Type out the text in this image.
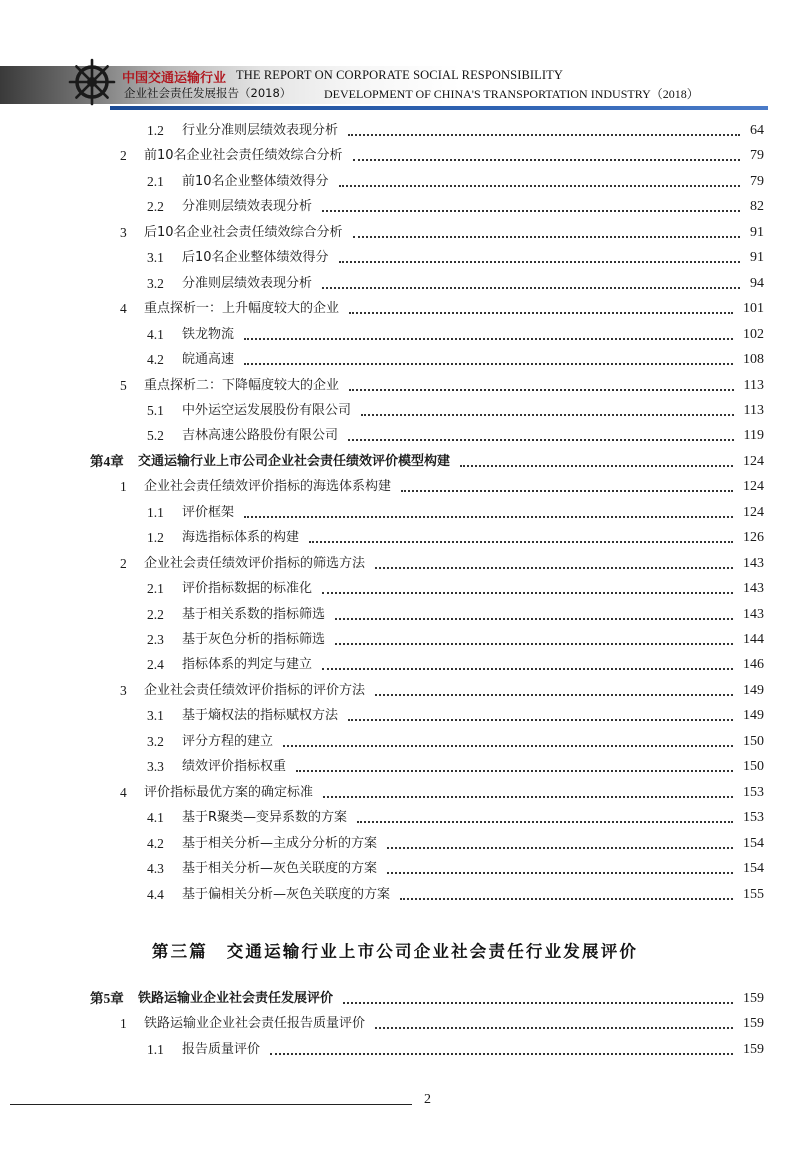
中国交通运输行业 THE REPORT ON CORPORATE SOCIAL RESPONSIBILITY
企业社会责任发展报告（2018）	DEVELOPMENT OF CHINA'S TRANSPORTATION INDUSTRY（2018）
1.2 行业分准则层绩效表现分析	64
2 前10名企业社会责任绩效综合分析	79
2.1 前10名企业整体绩效得分	79
2.2 分准则层绩效表现分析	82
3 后10名企业社会责任绩效综合分析	91
3.1 后10名企业整体绩效得分	91
3.2 分准则层绩效表现分析	94
4 重点探析一：上升幅度较大的企业	101
4.1 铁龙物流	102
4.2 皖通高速	108
5 重点探析二：下降幅度较大的企业	113
5.1 中外运空运发展股份有限公司	113
5.2 吉林高速公路股份有限公司	119
第4章 交通运输行业上市公司企业社会责任绩效评价模型构建	124
1 企业社会责任绩效评价指标的海选体系构建	124
1.1 评价框架	124
1.2 海选指标体系的构建	126
2 企业社会责任绩效评价指标的筛选方法	143
2.1 评价指标数据的标准化	143
2.2 基于相关系数的指标筛选	143
2.3 基于灰色分析的指标筛选	144
2.4 指标体系的判定与建立	146
3 企业社会责任绩效评价指标的评价方法	149
3.1 基于熵权法的指标赋权方法	149
3.2 评分方程的建立	150
3.3 绩效评价指标权重	150
4 评价指标最优方案的确定标准	153
4.1 基于R聚类—变异系数的方案	153
4.2 基于相关分析—主成分分析的方案	154
4.3 基于相关分析—灰色关联度的方案	154
4.4 基于偏相关分析—灰色关联度的方案	155
第5章 铁路运输业企业社会责任发展评价	159
1 铁路运输业企业社会责任报告质量评价	159
1.1 报告质量评价	159
第三篇　交通运输行业上市公司企业社会责任行业发展评价
2
